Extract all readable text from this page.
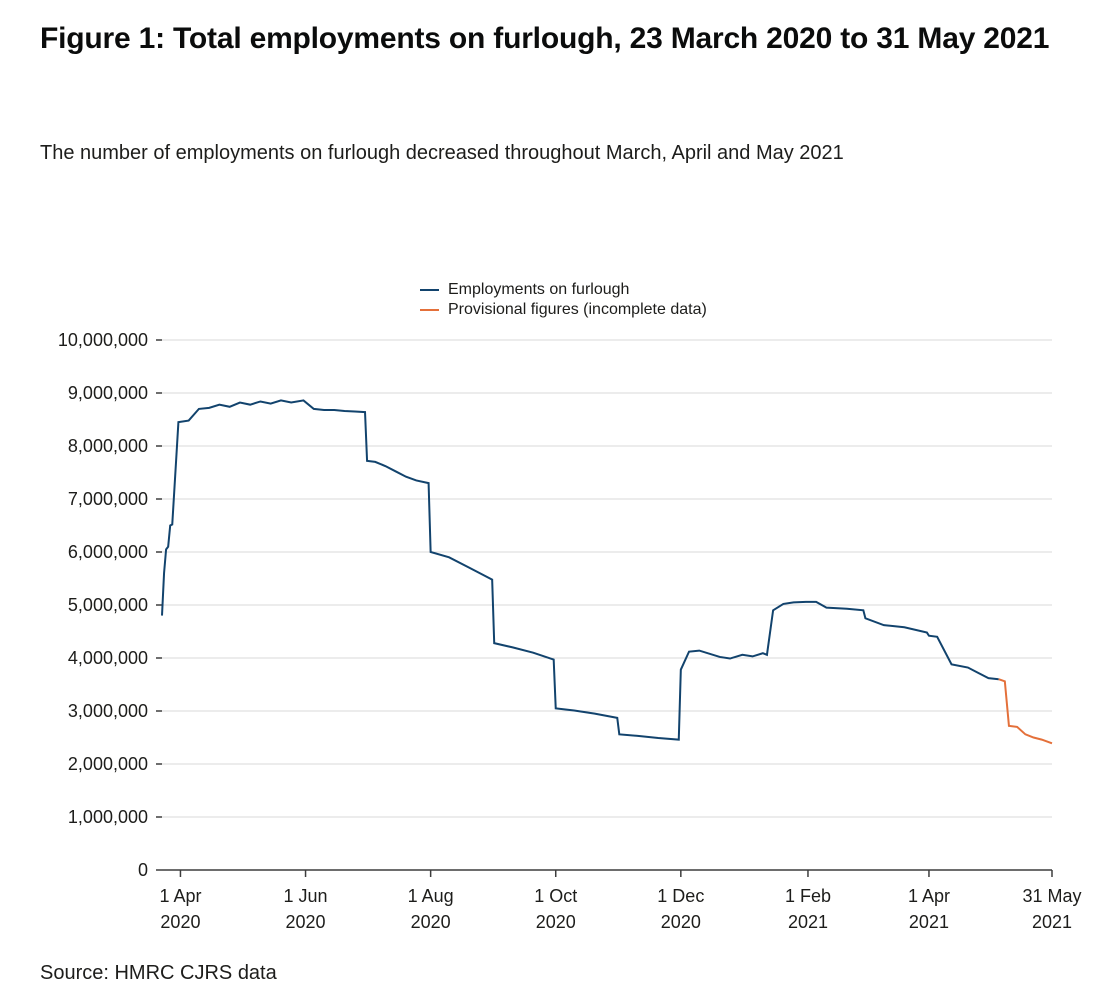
Figure 1: Total employments on furlough, 23 March 2020 to 31 May 2021
The number of employments on furlough decreased throughout March, April and May 2021
Employments on furlough
Provisional figures (incomplete data)
0
1,000,000
2,000,000
3,000,000
4,000,000
5,000,000
6,000,000
7,000,000
8,000,000
9,000,000
10,000,000
1 Apr
2020
1 Jun
2020
1 Aug
2020
1 Oct
2020
1 Dec
2020
1 Feb
2021
1 Apr
2021
31 May
2021
Source: HMRC CJRS data
